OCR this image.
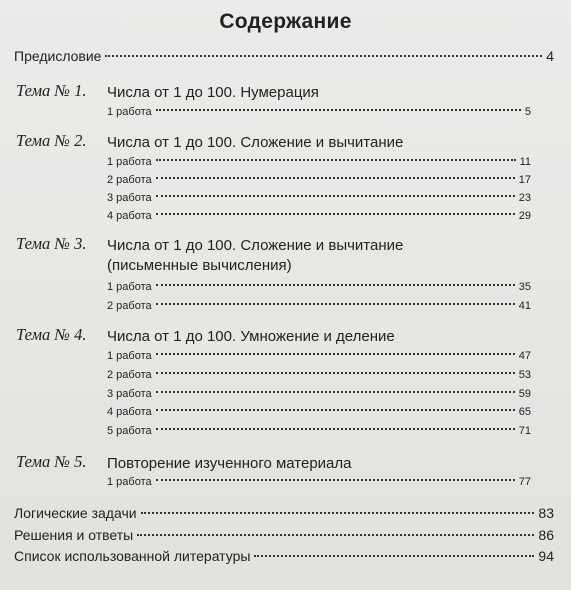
Содержание
Предисловие	4
Тема № 1. Числа от 1 до 100. Нумерация
1 работа	5
Тема № 2. Числа от 1 до 100. Сложение и вычитание
1 работа	11
2 работа	17
3 работа	23
4 работа	29
Тема № 3. Числа от 1 до 100. Сложение и вычитание
(письменные вычисления)
1 работа	35
2 работа	41
Тема № 4. Числа от 1 до 100. Умножение и деление
1 работа	47
2 работа	53
3 работа	59
4 работа	65
5 работа	71
Тема № 5. Повторение изученного материала
1 работа	77
Логические задачи	83
Решения и ответы	86
Список использованной литературы	94
